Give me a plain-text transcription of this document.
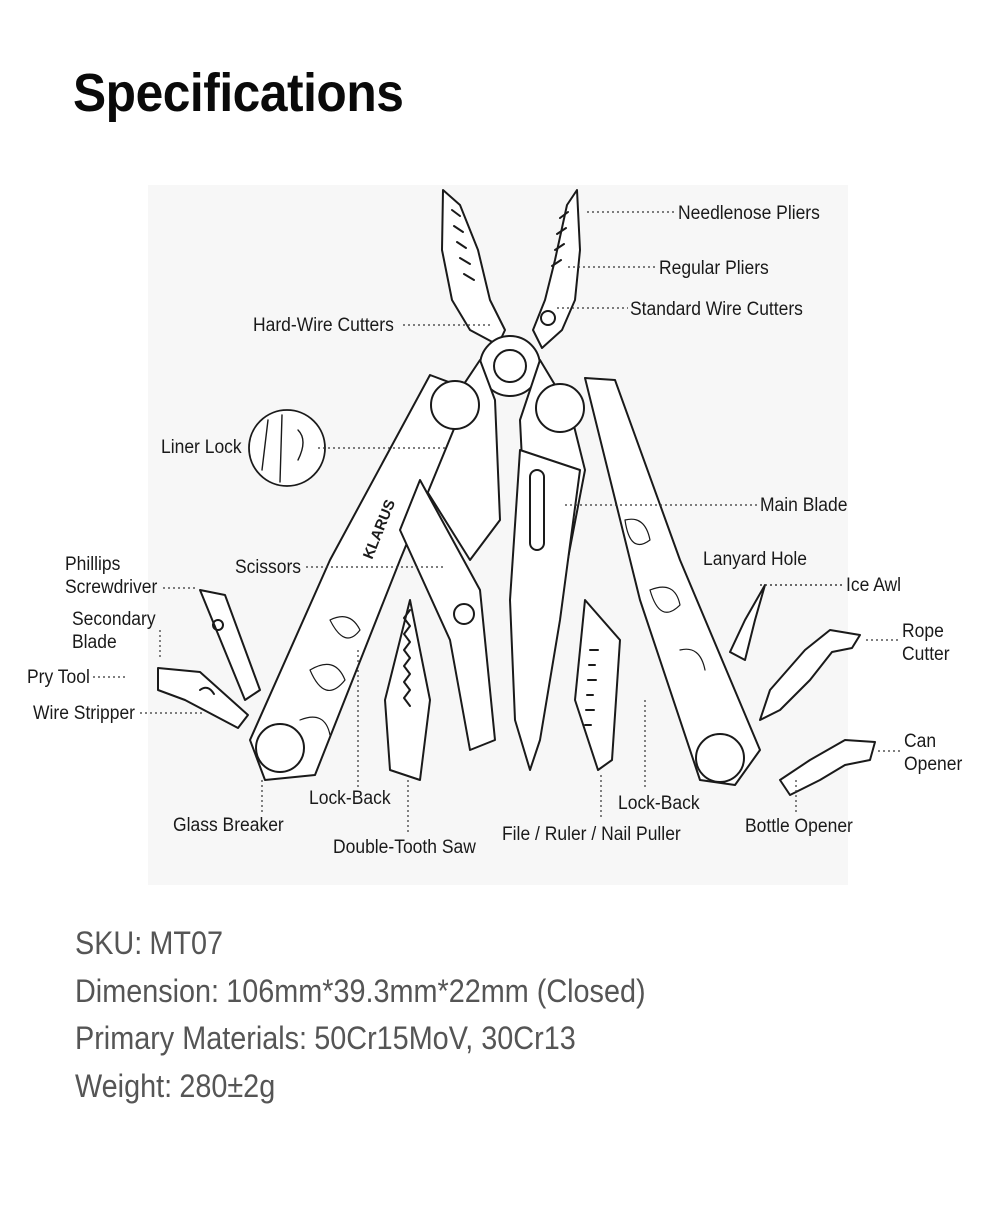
Specifications
KLARUS
Needlenose Pliers
Regular Pliers
Standard Wire Cutters
Hard-Wire Cutters
Liner Lock
Main Blade
Phillips
Screwdriver
Scissors	Lanyard Hole
Ice Awl
Secondary
Blade
Rope
Cutter
Pry Tool
Wire Stripper
Can
Opener
Lock-Back	Lock-Back
Glass Breaker	Bottle Opener
Double-Tooth Saw
File / Ruler / Nail Puller
SKU: MT07
Dimension: 106mm*39.3mm*22mm (Closed)
Primary Materials: 50Cr15MoV, 30Cr13
Weight: 280±2g
